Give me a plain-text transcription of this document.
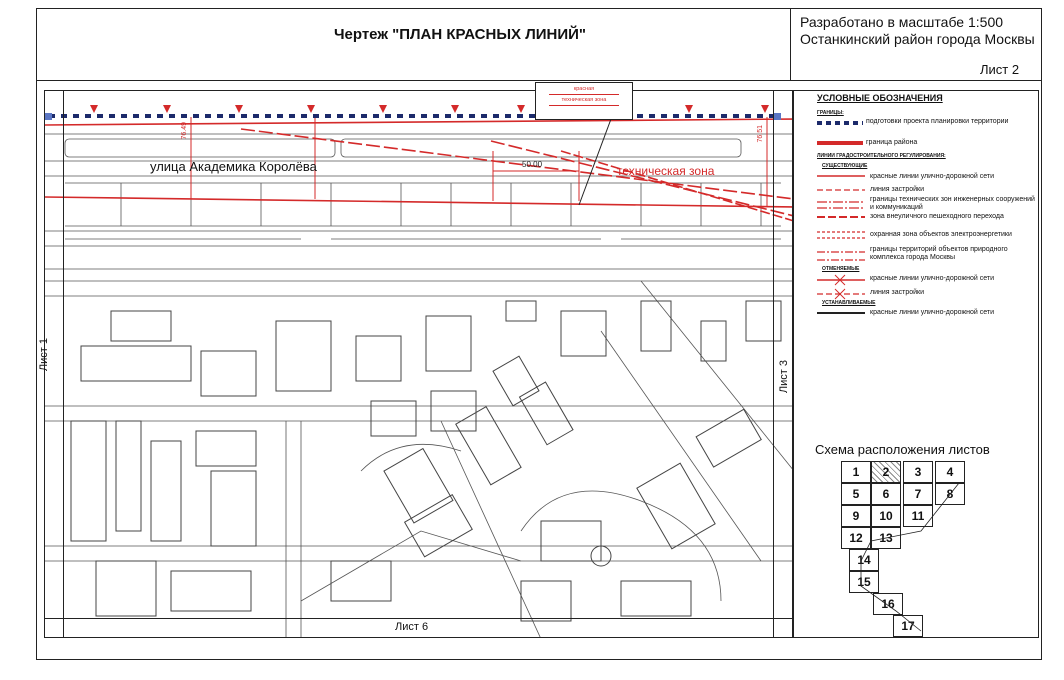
Чертеж "ПЛАН КРАСНЫХ ЛИНИЙ"
Разработано в масштабе 1:500
Останкинский район города Москвы
Лист 2
улица Академика Королёва	техническая зона
50.00
76.49	76.51
красная
техническая зона
Лист 1
Лист 3
Лист 6
УСЛОВНЫЕ ОБОЗНАЧЕНИЯ
ГРАНИЦЫ:
подготовки проекта планировки территории
граница района
ЛИНИИ ГРАДОСТРОИТЕЛЬНОГО РЕГУЛИРОВАНИЯ:
СУЩЕСТВУЮЩИЕ
красные линии улично-дорожной сети
линия застройки
границы технических зон инженерных сооружений и коммуникаций
зона внеуличного пешеходного перехода
охранная зона объектов электроэнергетики
границы территорий объектов природного комплекса города Москвы
ОТМЕНЯЕМЫЕ
красные линии улично-дорожной сети
линия застройки
УСТАНАВЛИВАЕМЫЕ
красные линии улично-дорожной сети
Схема расположения листов
1	2	3	4
5	6	7	8
9	10	11
12	13
14
15
16
17
